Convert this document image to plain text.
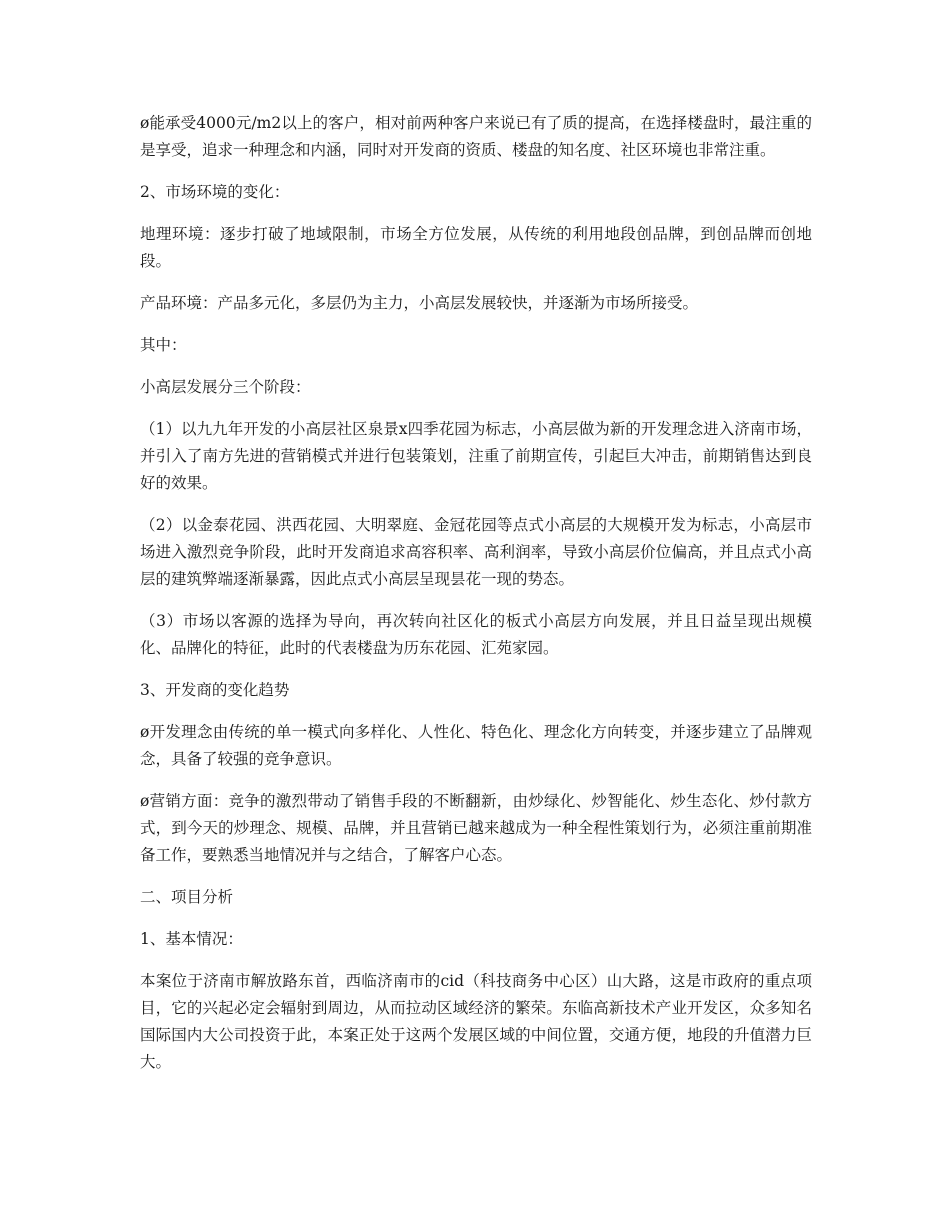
ø能承受4000元/m2以上的客户，相对前两种客户来说已有了质的提高，在选择楼盘时，最注重的是享受，追求一种理念和内涵，同时对开发商的资质、楼盘的知名度、社区环境也非常注重。

2、市场环境的变化：

地理环境：逐步打破了地域限制，市场全方位发展，从传统的利用地段创品牌，到创品牌而创地段。

产品环境：产品多元化，多层仍为主力，小高层发展较快，并逐渐为市场所接受。

其中：

小高层发展分三个阶段：

（1）以九九年开发的小高层社区泉景x四季花园为标志，小高层做为新的开发理念进入济南市场，并引入了南方先进的营销模式并进行包装策划，注重了前期宣传，引起巨大冲击，前期销售达到良好的效果。

（2）以金泰花园、洪西花园、大明翠庭、金冠花园等点式小高层的大规模开发为标志，小高层市场进入激烈竞争阶段，此时开发商追求高容积率、高利润率，导致小高层价位偏高，并且点式小高层的建筑弊端逐渐暴露，因此点式小高层呈现昙花一现的势态。

（3）市场以客源的选择为导向，再次转向社区化的板式小高层方向发展，并且日益呈现出规模化、品牌化的特征，此时的代表楼盘为历东花园、汇苑家园。

3、开发商的变化趋势

ø开发理念由传统的单一模式向多样化、人性化、特色化、理念化方向转变，并逐步建立了品牌观念，具备了较强的竞争意识。

ø营销方面：竞争的激烈带动了销售手段的不断翻新，由炒绿化、炒智能化、炒生态化、炒付款方式，到今天的炒理念、规模、品牌，并且营销已越来越成为一种全程性策划行为，必须注重前期准备工作，要熟悉当地情况并与之结合，了解客户心态。

二、项目分析

1、基本情况：

本案位于济南市解放路东首，西临济南市的cid（科技商务中心区）山大路，这是市政府的重点项目，它的兴起必定会辐射到周边，从而拉动区域经济的繁荣。东临高新技术产业开发区，众多知名国际国内大公司投资于此，本案正处于这两个发展区域的中间位置，交通方便，地段的升值潜力巨大。
